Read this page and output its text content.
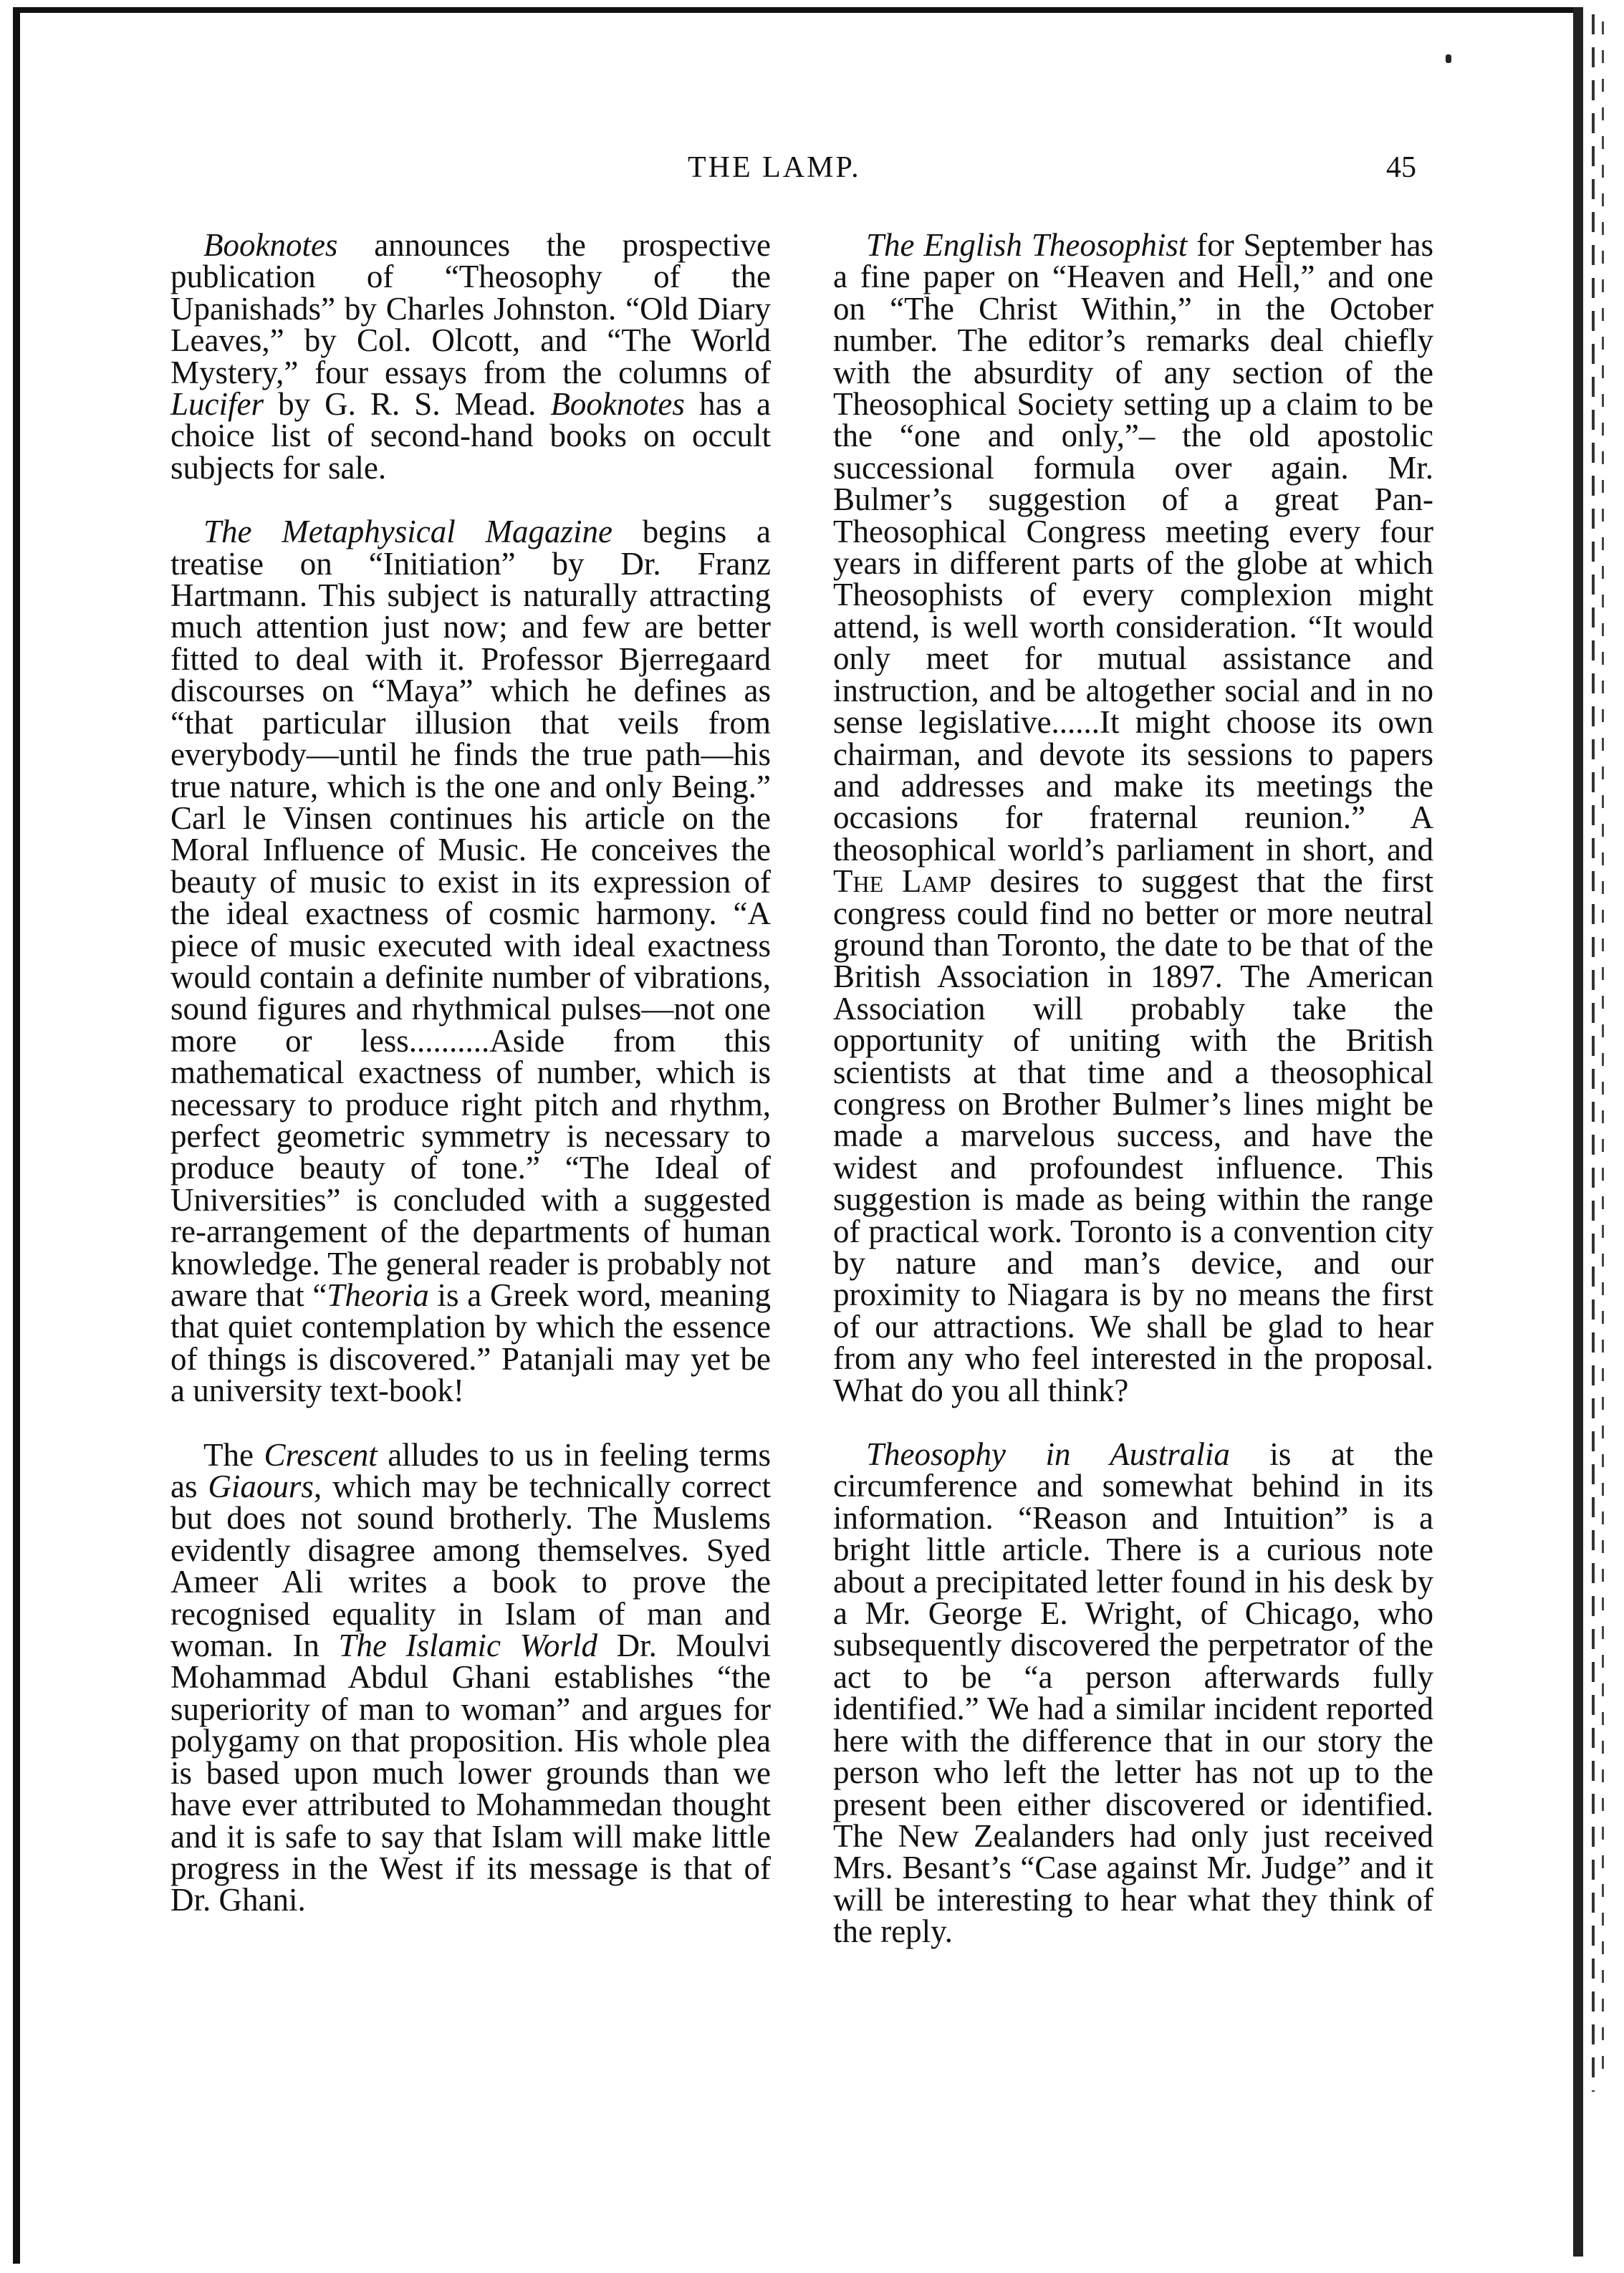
THE LAMP.	45

Booknotes announces the prospective publication of “Theosophy of the Upanishads” by Charles Johnston. “Old Diary Leaves,” by Col. Olcott, and “The World Mystery,” four essays from the columns of Lucifer by G. R. S. Mead. Booknotes has a choice list of second-hand books on occult subjects for sale.

The Metaphysical Magazine begins a treatise on “Initiation” by Dr. Franz Hartmann. This subject is naturally attracting much attention just now; and few are better fitted to deal with it. Professor Bjerregaard discourses on “Maya” which he defines as “that particular illusion that veils from everybody—until he finds the true path—his true nature, which is the one and only Being.” Carl le Vinsen continues his article on the Moral Influence of Music. He conceives the beauty of music to exist in its expression of the ideal exactness of cosmic harmony. “A piece of music executed with ideal exactness would contain a definite number of vibrations, sound figures and rhythmical pulses—not one more or less..........Aside from this mathematical exactness of number, which is necessary to produce right pitch and rhythm, perfect geometric symmetry is necessary to produce beauty of tone.” “The Ideal of Universities” is concluded with a suggested re-arrangement of the departments of human knowledge. The general reader is probably not aware that “Theoria is a Greek word, meaning that quiet contemplation by which the essence of things is discovered.” Patanjali may yet be a university text-book!

The Crescent alludes to us in feeling terms as Giaours, which may be technically correct but does not sound brotherly. The Muslems evidently disagree among themselves. Syed Ameer Ali writes a book to prove the recognised equality in Islam of man and woman. In The Islamic World Dr. Moulvi Mohammad Abdul Ghani establishes “the superiority of man to woman” and argues for polygamy on that proposition. His whole plea is based upon much lower grounds than we have ever attributed to Mohammedan thought and it is safe to say that Islam will make little progress in the West if its message is that of Dr. Ghani.

The English Theosophist for September has a fine paper on “Heaven and Hell,” and one on “The Christ Within,” in the October number. The editor’s remarks deal chiefly with the absurdity of any section of the Theosophical Society setting up a claim to be the “one and only,”– the old apostolic successional formula over again. Mr. Bulmer’s suggestion of a great Pan-Theosophical Congress meeting every four years in different parts of the globe at which Theosophists of every complexion might attend, is well worth consideration. “It would only meet for mutual assistance and instruction, and be altogether social and in no sense legislative......It might choose its own chairman, and devote its sessions to papers and addresses and make its meetings the occasions for fraternal reunion.” A theosophical world’s parliament in short, and The Lamp desires to suggest that the first congress could find no better or more neutral ground than Toronto, the date to be that of the British Association in 1897. The American Association will probably take the opportunity of uniting with the British scientists at that time and a theosophical congress on Brother Bulmer’s lines might be made a marvelous success, and have the widest and profoundest influence. This suggestion is made as being within the range of practical work. Toronto is a convention city by nature and man’s device, and our proximity to Niagara is by no means the first of our attractions. We shall be glad to hear from any who feel interested in the proposal. What do you all think?

Theosophy in Australia is at the circumference and somewhat behind in its information. “Reason and Intuition” is a bright little article. There is a curious note about a precipitated letter found in his desk by a Mr. George E. Wright, of Chicago, who subsequently discovered the perpetrator of the act to be “a person afterwards fully identified.” We had a similar incident reported here with the difference that in our story the person who left the letter has not up to the present been either discovered or identified. The New Zealanders had only just received Mrs. Besant’s “Case against Mr. Judge” and it will be interesting to hear what they think of the reply.
